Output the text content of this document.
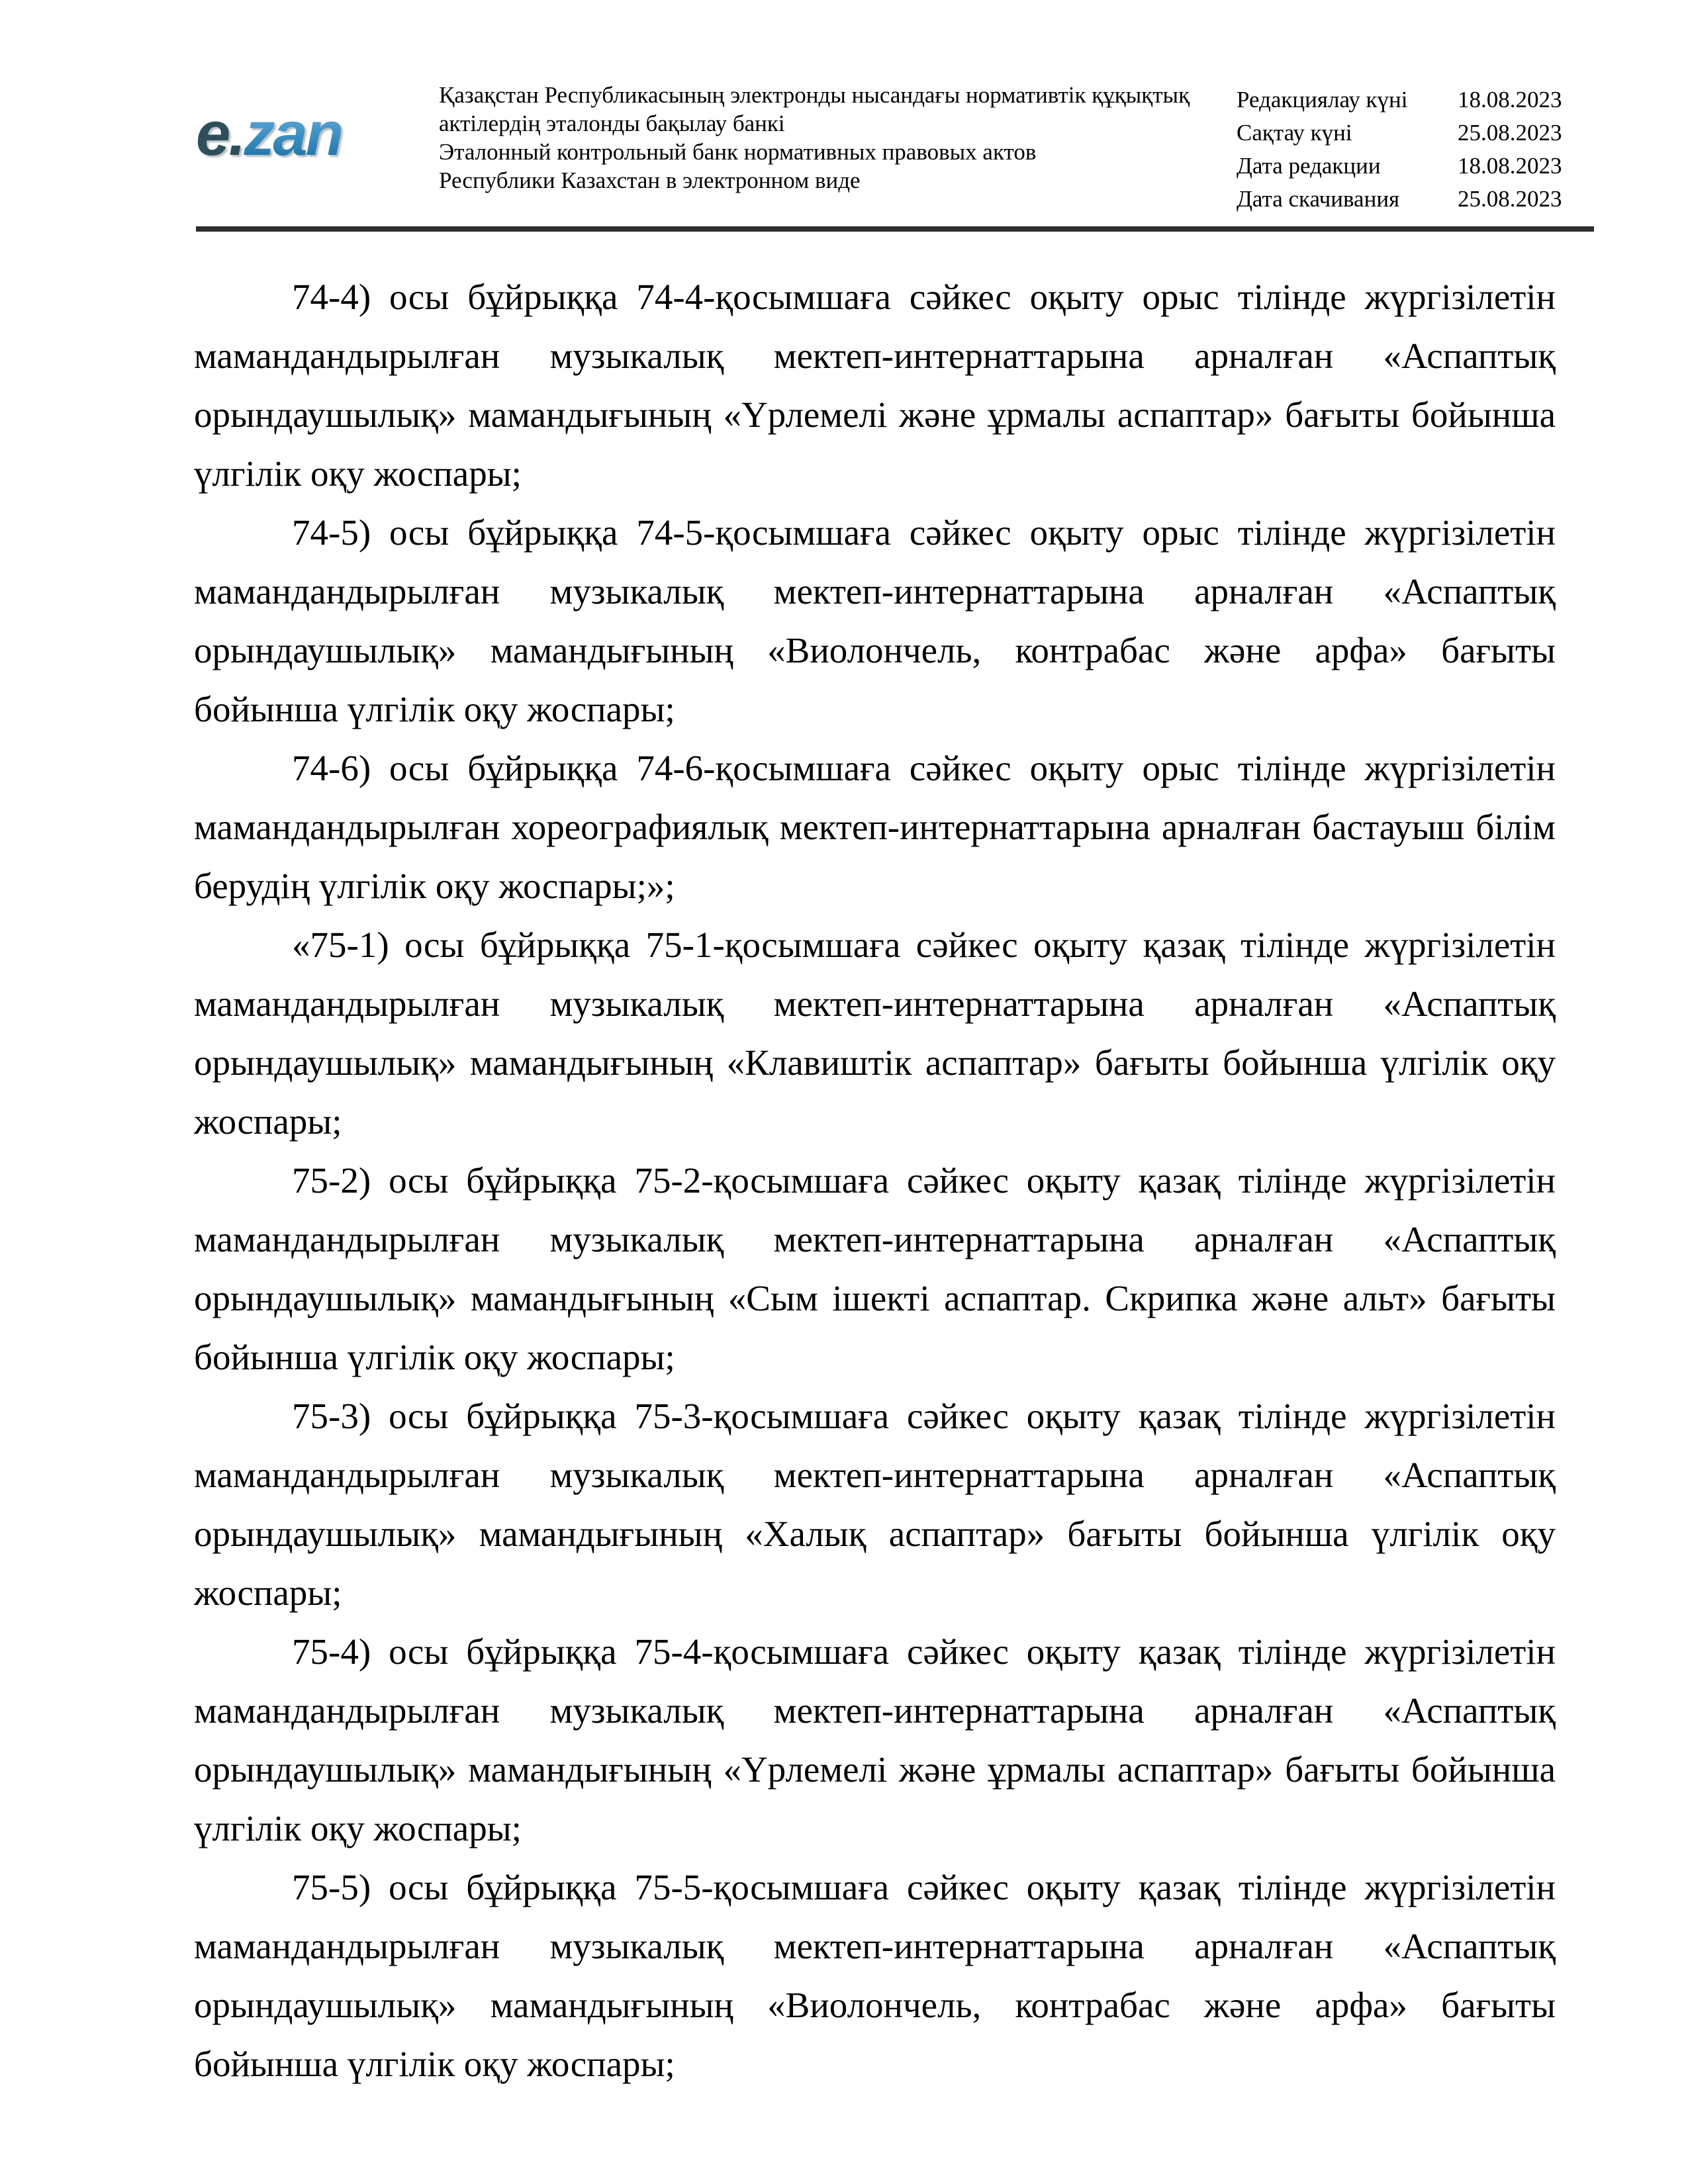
e.zan
Қазақстан Республикасының электронды нысандағы нормативтік құқықтық
актілердің эталонды бақылау банкі
Эталонный контрольный банк нормативных правовых актов
Республики Казахстан в электронном виде
Редакциялау күні	18.08.2023
Сақтау күні	25.08.2023
Дата редакции	18.08.2023
Дата скачивания	25.08.2023

74-4) осы бұйрыққа 74-4-қосымшаға сәйкес оқыту орыс тілінде жүргізілетін мамандандырылған музыкалық мектеп-интернаттарына арналған «Аспаптық орындаушылық» мамандығының «Үрлемелі және ұрмалы аспаптар» бағыты бойынша үлгілік оқу жоспары;

74-5) осы бұйрыққа 74-5-қосымшаға сәйкес оқыту орыс тілінде жүргізілетін мамандандырылған музыкалық мектеп-интернаттарына арналған «Аспаптық орындаушылық» мамандығының «Виолончель, контрабас және арфа» бағыты бойынша үлгілік оқу жоспары;

74-6) осы бұйрыққа 74-6-қосымшаға сәйкес оқыту орыс тілінде жүргізілетін мамандандырылған хореографиялық мектеп-интернаттарына арналған бастауыш білім берудің үлгілік оқу жоспары;»;

«75-1) осы бұйрыққа 75-1-қосымшаға сәйкес оқыту қазақ тілінде жүргізілетін мамандандырылған музыкалық мектеп-интернаттарына арналған «Аспаптық орындаушылық» мамандығының «Клавиштік аспаптар» бағыты бойынша үлгілік оқу жоспары;

75-2) осы бұйрыққа 75-2-қосымшаға сәйкес оқыту қазақ тілінде жүргізілетін мамандандырылған музыкалық мектеп-интернаттарына арналған «Аспаптық орындаушылық» мамандығының «Сым ішекті аспаптар. Скрипка және альт» бағыты бойынша үлгілік оқу жоспары;

75-3) осы бұйрыққа 75-3-қосымшаға сәйкес оқыту қазақ тілінде жүргізілетін мамандандырылған музыкалық мектеп-интернаттарына арналған «Аспаптық орындаушылық» мамандығының «Халық аспаптар» бағыты бойынша үлгілік оқу жоспары;

75-4) осы бұйрыққа 75-4-қосымшаға сәйкес оқыту қазақ тілінде жүргізілетін мамандандырылған музыкалық мектеп-интернаттарына арналған «Аспаптық орындаушылық» мамандығының «Үрлемелі және ұрмалы аспаптар» бағыты бойынша үлгілік оқу жоспары;

75-5) осы бұйрыққа 75-5-қосымшаға сәйкес оқыту қазақ тілінде жүргізілетін мамандандырылған музыкалық мектеп-интернаттарына арналған «Аспаптық орындаушылық» мамандығының «Виолончель, контрабас және арфа» бағыты бойынша үлгілік оқу жоспары;
